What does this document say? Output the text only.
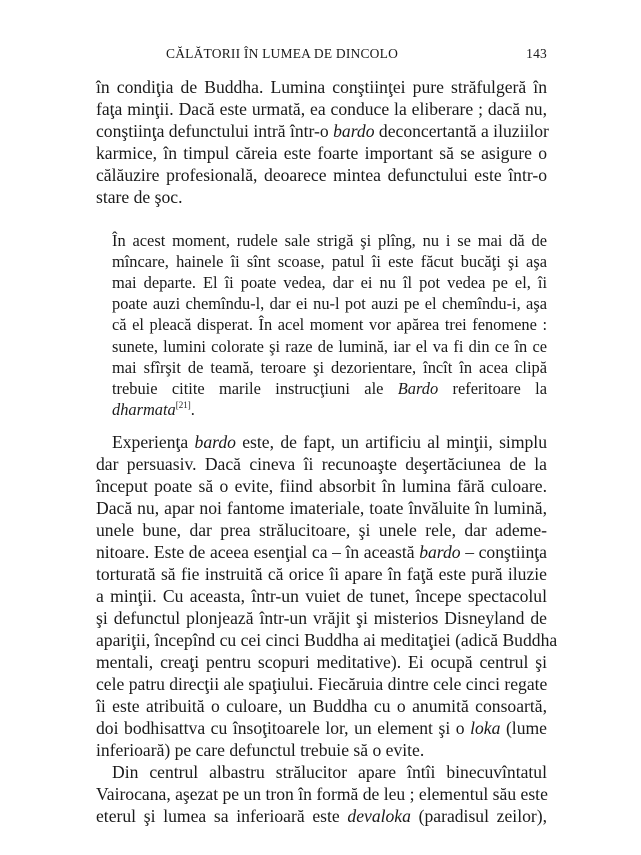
CĂLĂTORII ÎN LUMEA DE DINCOLO	143
în condiţia de Buddha. Lumina conştiinţei pure străfulgeră în
faţa minţii. Dacă este urmată, ea conduce la eliberare ; dacă nu,
conştiinţa defunctului intră într-o bardo deconcertantă a iluziilor
karmice, în timpul căreia este foarte important să se asigure o
călăuzire profesională, deoarece mintea defunctului este într-o
stare de şoc.
În acest moment, rudele sale strigă şi plîng, nu i se mai dă de
mîncare, hainele îi sînt scoase, patul îi este făcut bucăţi şi aşa
mai departe. El îi poate vedea, dar ei nu îl pot vedea pe el, îi
poate auzi chemîndu-l, dar ei nu-l pot auzi pe el chemîndu-i, aşa
că el pleacă disperat. În acel moment vor apărea trei fenomene :
sunete, lumini colorate şi raze de lumină, iar el va fi din ce în ce
mai sfîrşit de teamă, teroare şi dezorientare, încît în acea clipă
trebuie citite marile instrucţiuni ale Bardo referitoare la
dharmata[21].
Experienţa bardo este, de fapt, un artificiu al minţii, simplu
dar persuasiv. Dacă cineva îi recunoaşte deşertăciunea de la
început poate să o evite, fiind absorbit în lumina fără culoare.
Dacă nu, apar noi fantome imateriale, toate învăluite în lumină,
unele bune, dar prea strălucitoare, şi unele rele, dar ademe-
nitoare. Este de aceea esenţial ca – în această bardo – conştiinţa
torturată să fie instruită că orice îi apare în faţă este pură iluzie
a minţii. Cu aceasta, într-un vuiet de tunet, începe spectacolul
şi defunctul plonjează într-un vrăjit şi misterios Disneyland de
apariţii, începînd cu cei cinci Buddha ai meditaţiei (adică Buddha
mentali, creaţi pentru scopuri meditative). Ei ocupă centrul şi
cele patru direcţii ale spaţiului. Fiecăruia dintre cele cinci regate
îi este atribuită o culoare, un Buddha cu o anumită consoartă,
doi bodhisattva cu însoţitoarele lor, un element şi o loka (lume
inferioară) pe care defunctul trebuie să o evite.
Din centrul albastru strălucitor apare întîi binecuvîntatul
Vairocana, aşezat pe un tron în formă de leu ; elementul său este
eterul şi lumea sa inferioară este devaloka (paradisul zeilor),
